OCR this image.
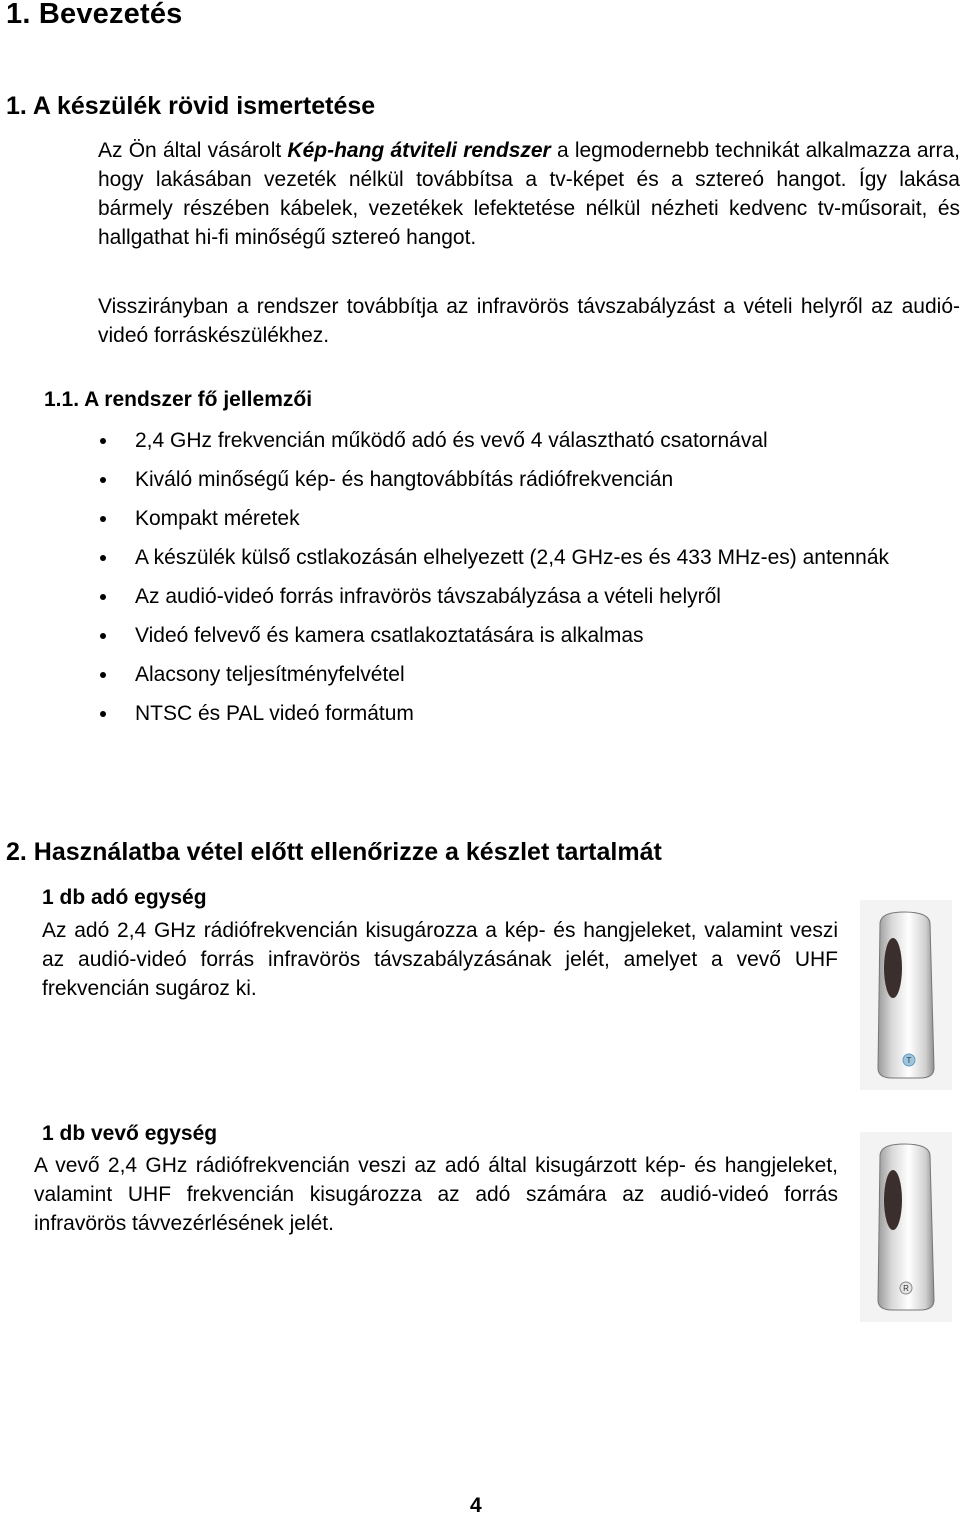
1. Bevezetés
1. A készülék rövid ismertetése

Az Ön által vásárolt Kép-hang átviteli rendszer a legmodernebb technikát alkalmazza arra, hogy lakásában vezeték nélkül továbbítsa a tv-képet és a sztereó hangot. Így lakása bármely részében kábelek, vezetékek lefektetése nélkül nézheti kedvenc tv-műsorait, és hallgathat hi-fi minőségű sztereó hangot.

Visszirányban a rendszer továbbítja az infravörös távszabályzást a vételi helyről az audió-videó forráskészülékhez.

1.1. A rendszer fő jellemzői
2,4 GHz frekvencián működő adó és vevő 4 választható csatornával
Kiváló minőségű kép- és hangtovábbítás rádiófrekvencián
Kompakt méretek
A készülék külső cstlakozásán elhelyezett (2,4 GHz-es és 433 MHz-es) antennák
Az audió-videó forrás infravörös távszabályzása a vételi helyről
Videó felvevő és kamera csatlakoztatására is alkalmas
Alacsony teljesítményfelvétel
NTSC és PAL videó formátum
2. Használatba vétel előtt ellenőrizze a készlet tartalmát

1 db adó egység

Az adó 2,4 GHz rádiófrekvencián kisugározza a kép- és hangjeleket, valamint veszi az audió-videó forrás infravörös távszabályzásának jelét, amelyet a vevő UHF frekvencián sugároz ki.

T

1 db vevő egység

A vevő 2,4 GHz rádiófrekvencián veszi az adó által kisugárzott kép- és hangjeleket, valamint UHF frekvencián kisugározza az adó számára az audió-videó forrás infravörös távvezérlésének jelét.

R
4
